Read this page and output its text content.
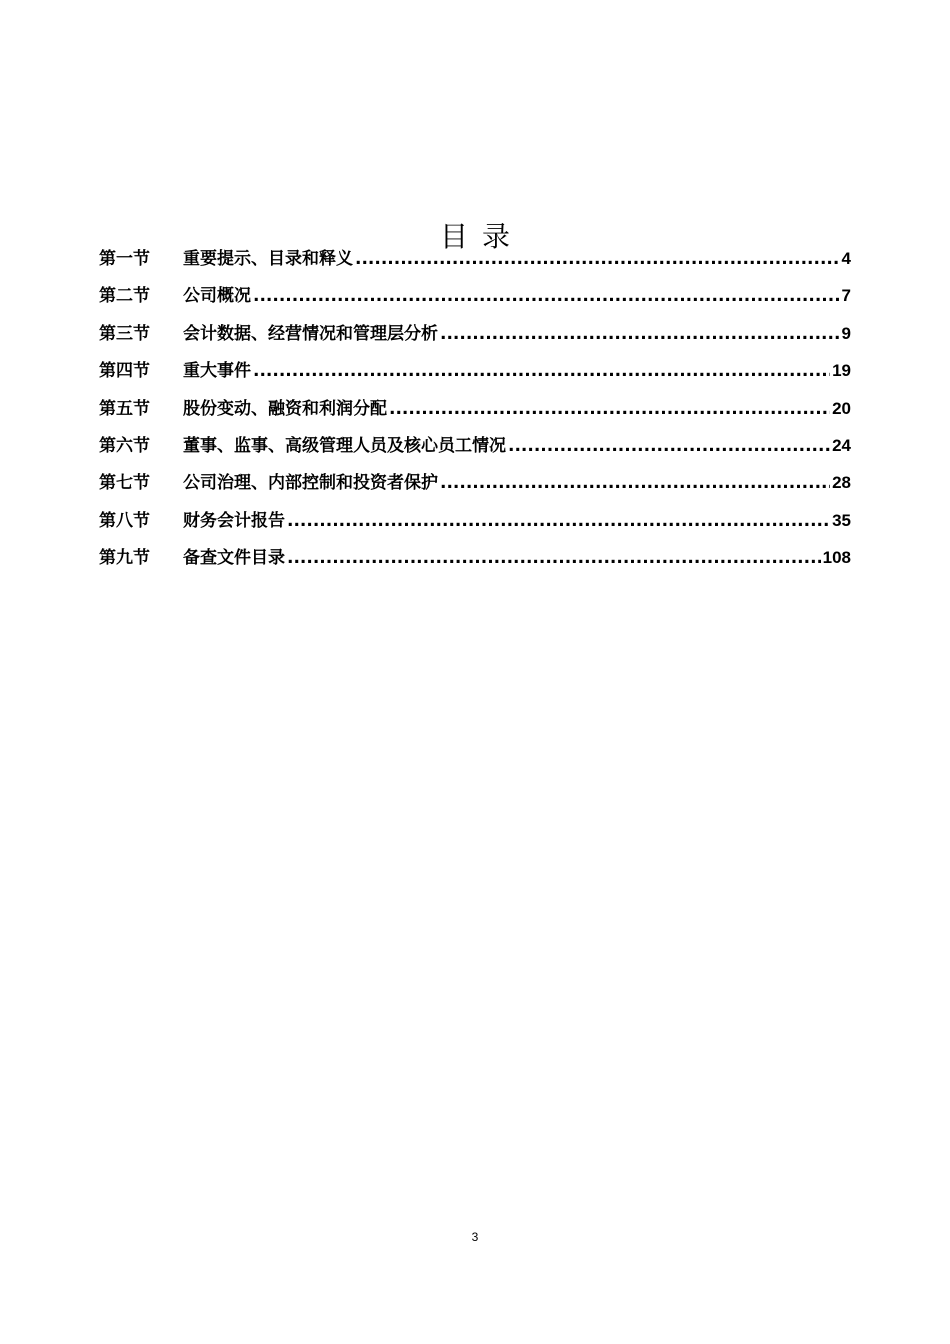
目录
第一节	重要提示、目录和释义 .....	4
第二节	公司概况 .....	7
第三节	会计数据、经营情况和管理层分析 .....	9
第四节	重大事件 .....	19
第五节	股份变动、融资和利润分配 .....	20
第六节	董事、监事、高级管理人员及核心员工情况 .....	24
第七节	公司治理、内部控制和投资者保护 .....	28
第八节	财务会计报告 .....	35
第九节	备查文件目录 .....	108
3
